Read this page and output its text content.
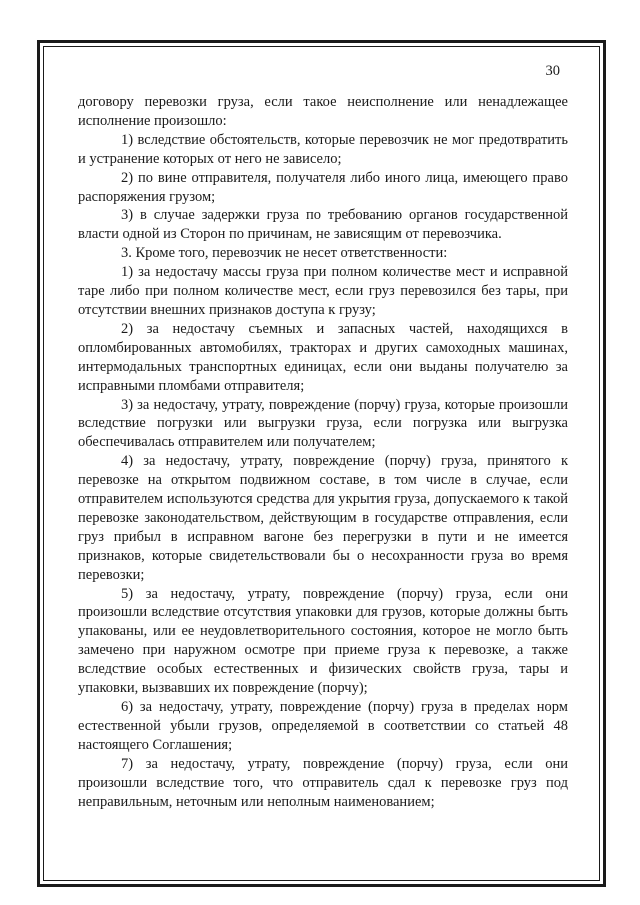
30

договору перевозки груза, если такое неисполнение или ненадлежащее исполнение произошло:

1) вследствие обстоятельств, которые перевозчик не мог предотвратить и устранение которых от него не зависело;

2) по вине отправителя, получателя либо иного лица, имеющего право распоряжения грузом;

3) в случае задержки груза по требованию органов государственной власти одной из Сторон по причинам, не зависящим от перевозчика.

3. Кроме того, перевозчик не несет ответственности:

1) за недостачу массы груза при полном количестве мест и исправной таре либо при полном количестве мест, если груз перевозился без тары, при отсутствии внешних признаков доступа к грузу;

2) за недостачу съемных и запасных частей, находящихся в опломбированных автомобилях, тракторах и других самоходных машинах, интермодальных транспортных единицах, если они выданы получателю за исправными пломбами отправителя;

3) за недостачу, утрату, повреждение (порчу) груза, которые произошли вследствие погрузки или выгрузки груза, если погрузка или выгрузка обеспечивалась отправителем или получателем;

4) за недостачу, утрату, повреждение (порчу) груза, принятого к перевозке на открытом подвижном составе, в том числе в случае, если отправителем используются средства для укрытия груза, допускаемого к такой перевозке законодательством, действующим в государстве отправления, если груз прибыл в исправном вагоне без перегрузки в пути и не имеется признаков, которые свидетельствовали бы о несохранности груза во время перевозки;

5) за недостачу, утрату, повреждение (порчу) груза, если они произошли вследствие отсутствия упаковки для грузов, которые должны быть упакованы, или ее неудовлетворительного состояния, которое не могло быть замечено при наружном осмотре при приеме груза к перевозке, а также вследствие особых естественных и физических свойств груза, тары и упаковки, вызвавших их повреждение (порчу);

6) за недостачу, утрату, повреждение (порчу) груза в пределах норм естественной убыли грузов, определяемой в соответствии со статьей 48 настоящего Соглашения;

7) за недостачу, утрату, повреждение (порчу) груза, если они произошли вследствие того, что отправитель сдал к перевозке груз под неправильным, неточным или неполным наименованием;
